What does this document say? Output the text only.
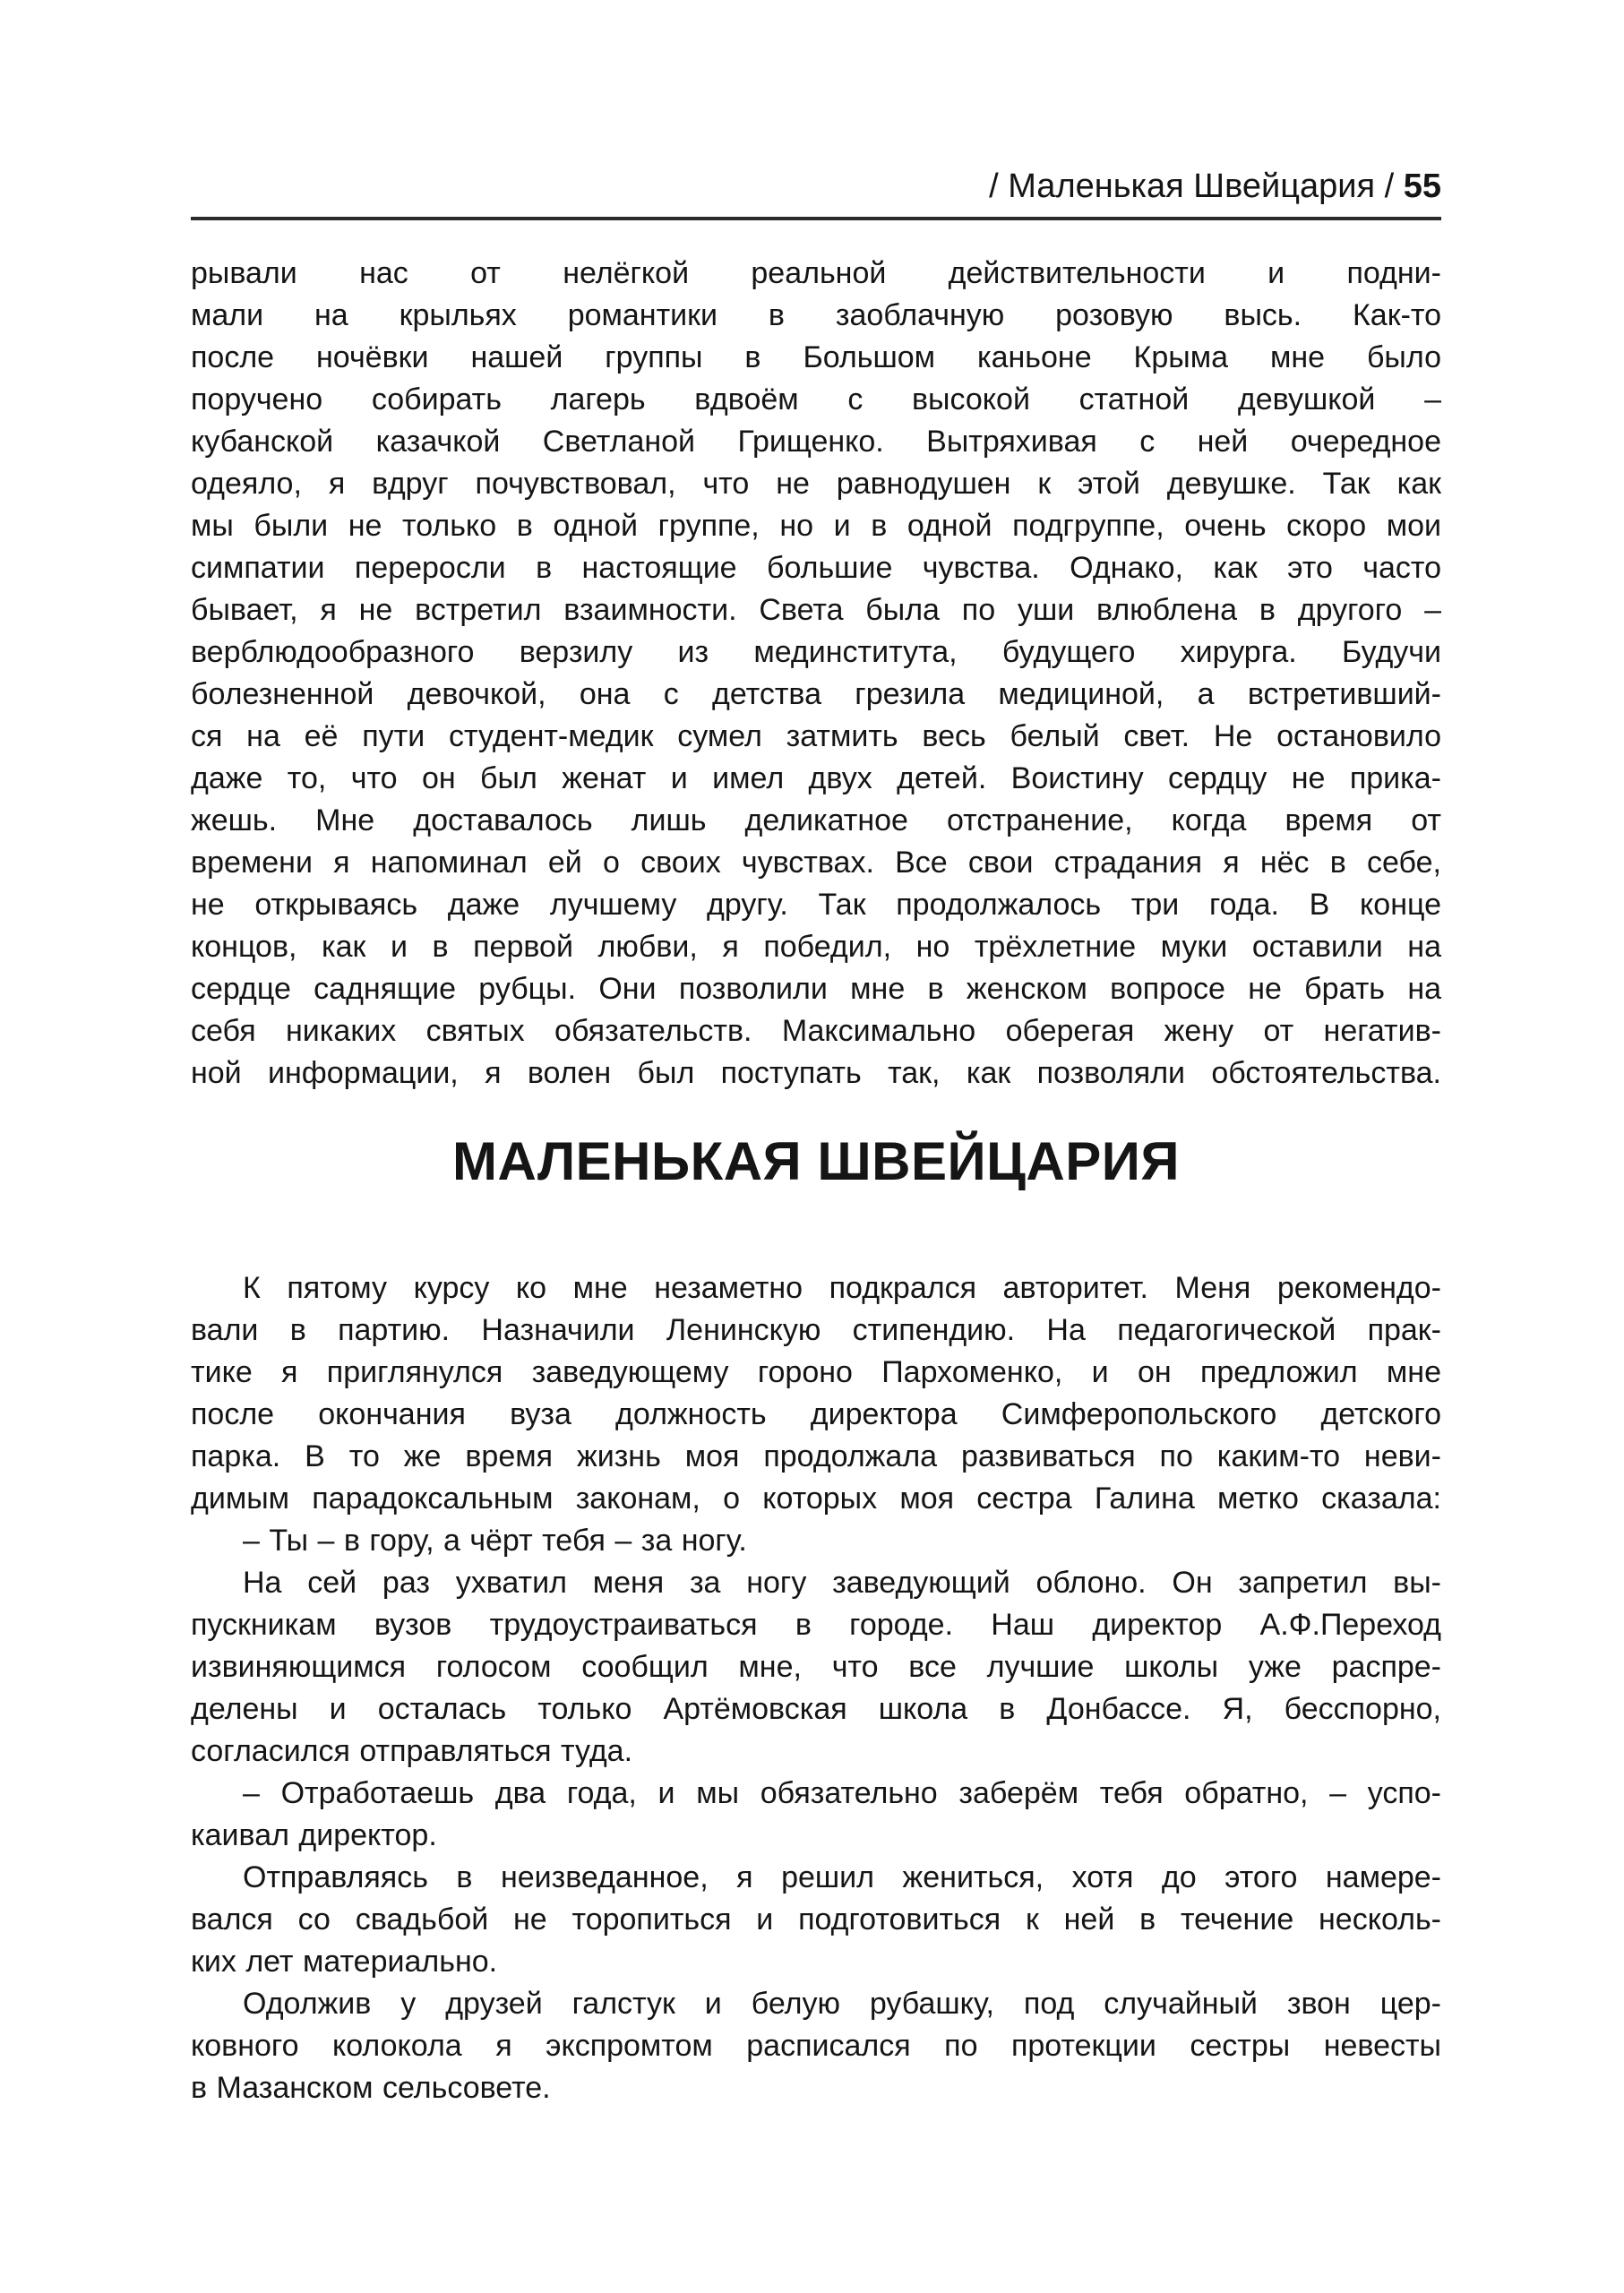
/ Маленькая Швейцария / 55
рывали нас от нелёгкой реальной действительности и подни-
мали на крыльях романтики в заоблачную розовую высь. Как-то
после ночёвки нашей группы в Большом каньоне Крыма мне было
поручено собирать лагерь вдвоём с высокой статной девушкой –
кубанской казачкой Светланой Грищенко. Вытряхивая с ней очередное
одеяло, я вдруг почувствовал, что не равнодушен к этой девушке. Так как
мы были не только в одной группе, но и в одной подгруппе, очень скоро мои
симпатии переросли в настоящие большие чувства. Однако, как это часто
бывает, я не встретил взаимности. Света была по уши влюблена в другого –
верблюдообразного верзилу из мединститута, будущего хирурга. Будучи
болезненной девочкой, она с детства грезила медициной, а встретивший-
ся на её пути студент-медик сумел затмить весь белый свет. Не остановило
даже то, что он был женат и имел двух детей. Воистину сердцу не прика-
жешь. Мне доставалось лишь деликатное отстранение, когда время от
времени я напоминал ей о своих чувствах. Все свои страдания я нёс в себе,
не открываясь даже лучшему другу. Так продолжалось три года. В конце
концов, как и в первой любви, я победил, но трёхлетние муки оставили на
сердце саднящие рубцы. Они позволили мне в женском вопросе не брать на
себя никаких святых обязательств. Максимально оберегая жену от негатив-
ной информации, я волен был поступать так, как позволяли обстоятельства.
МАЛЕНЬКАЯ ШВЕЙЦАРИЯ
К пятому курсу ко мне незаметно подкрался авторитет. Меня рекомендо-
вали в партию. Назначили Ленинскую стипендию. На педагогической прак-
тике я приглянулся заведующему гороно Пархоменко, и он предложил мне
после окончания вуза должность директора Симферопольского детского
парка. В то же время жизнь моя продолжала развиваться по каким-то неви-
димым парадоксальным законам, о которых моя сестра Галина метко сказала:
– Ты – в гору, а чёрт тебя – за ногу.
На сей раз ухватил меня за ногу заведующий облоно. Он запретил вы-
пускникам вузов трудоустраиваться в городе. Наш директор А.Ф.Переход
извиняющимся голосом сообщил мне, что все лучшие школы уже распре-
делены и осталась только Артёмовская школа в Донбассе. Я, бесспорно,
согласился отправляться туда.
– Отработаешь два года, и мы обязательно заберём тебя обратно, – успо-
каивал директор.
Отправляясь в неизведанное, я решил жениться, хотя до этого намере-
вался со свадьбой не торопиться и подготовиться к ней в течение несколь-
ких лет материально.
Одолжив у друзей галстук и белую рубашку, под случайный звон цер-
ковного колокола я экспромтом расписался по протекции сестры невесты
в Мазанском сельсовете.
